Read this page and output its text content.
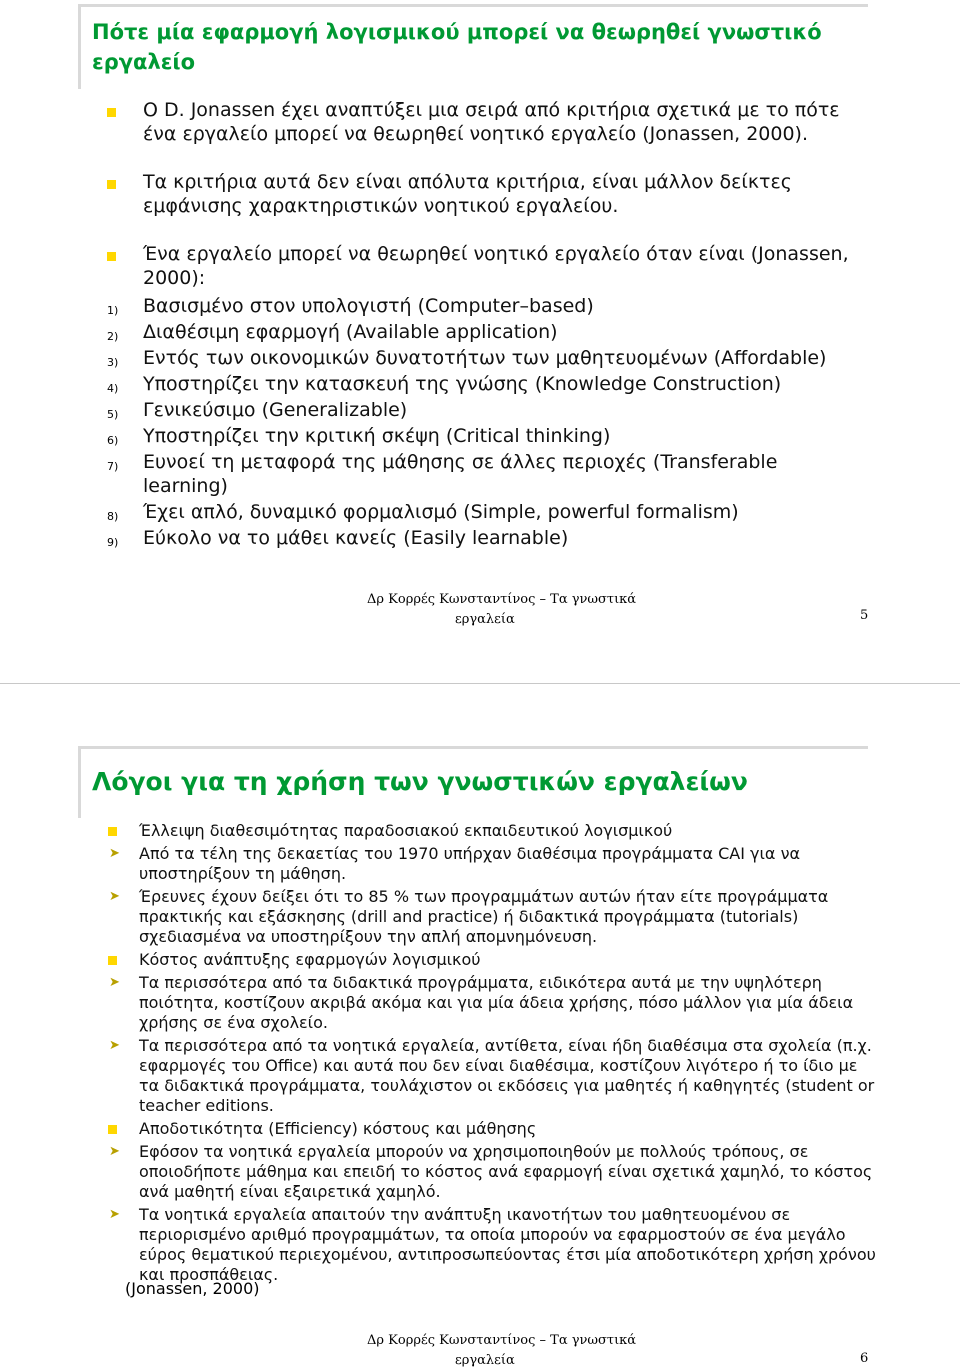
Πότε μία εφαρμογή λογισμικού μπορεί να θεωρηθεί γνωστικό εργαλείο
Ο D. Jonassen έχει αναπτύξει μια σειρά από κριτήρια σχετικά με το πότε ένα εργαλείο μπορεί να θεωρηθεί νοητικό εργαλείο (Jonassen, 2000).
Τα κριτήρια αυτά δεν είναι απόλυτα κριτήρια, είναι μάλλον δείκτες εμφάνισης χαρακτηριστικών νοητικού εργαλείου.
Ένα εργαλείο μπορεί να θεωρηθεί νοητικό εργαλείο όταν είναι (Jonassen, 2000):
1) Βασισμένο στον υπολογιστή (Computer–based)
2) Διαθέσιμη εφαρμογή (Available application)
3) Εντός των οικονομικών δυνατοτήτων των μαθητευομένων (Affordable)
4) Υποστηρίζει την κατασκευή της γνώσης (Knowledge Construction)
5) Γενικεύσιμο (Generalizable)
6) Υποστηρίζει την κριτική σκέψη (Critical thinking)
7) Ευνοεί τη μεταφορά της μάθησης σε άλλες περιοχές (Transferable learning)
8) Έχει απλό, δυναμικό φορμαλισμό (Simple, powerful formalism)
9) Εύκολο να το μάθει κανείς (Easily learnable)
Δρ Κορρές Κωνσταντίνος – Τα γνωστικά
εργαλεία	5
Λόγοι για τη χρήση των γνωστικών εργαλείων
Έλλειψη διαθεσιμότητας παραδοσιακού εκπαιδευτικού λογισμικού
➤ Από τα τέλη της δεκαετίας του 1970 υπήρχαν διαθέσιμα προγράμματα CAI για να υποστηρίξουν τη μάθηση.
➤ Έρευνες έχουν δείξει ότι το 85 % των προγραμμάτων αυτών ήταν είτε προγράμματα πρακτικής και εξάσκησης (drill and practice) ή διδακτικά προγράμματα (tutorials) σχεδιασμένα να υποστηρίξουν την απλή απομνημόνευση.
Κόστος ανάπτυξης εφαρμογών λογισμικού
➤ Τα περισσότερα από τα διδακτικά προγράμματα, ειδικότερα αυτά με την υψηλότερη ποιότητα, κοστίζουν ακριβά ακόμα και για μία άδεια χρήσης, πόσο μάλλον για μία άδεια χρήσης σε ένα σχολείο.
➤ Τα περισσότερα από τα νοητικά εργαλεία, αντίθετα, είναι ήδη διαθέσιμα στα σχολεία (π.χ. εφαρμογές του Office) και αυτά που δεν είναι διαθέσιμα, κοστίζουν λιγότερο ή το ίδιο με τα διδακτικά προγράμματα, τουλάχιστον οι εκδόσεις για μαθητές ή καθηγητές (student or teacher editions.
Αποδοτικότητα (Efficiency) κόστους και μάθησης
➤ Εφόσον τα νοητικά εργαλεία μπορούν να χρησιμοποιηθούν με πολλούς τρόπους, σε οποιοδήποτε μάθημα και επειδή το κόστος ανά εφαρμογή είναι σχετικά χαμηλό, το κόστος ανά μαθητή είναι εξαιρετικά χαμηλό.
➤ Τα νοητικά εργαλεία απαιτούν την ανάπτυξη ικανοτήτων του μαθητευομένου σε περιορισμένο αριθμό προγραμμάτων, τα οποία μπορούν να εφαρμοστούν σε ένα μεγάλο εύρος θεματικού περιεχομένου, αντιπροσωπεύοντας έτσι μία αποδοτικότερη χρήση χρόνου και προσπάθειας.
(Jonassen, 2000)
Δρ Κορρές Κωνσταντίνος – Τα γνωστικά
εργαλεία	6
